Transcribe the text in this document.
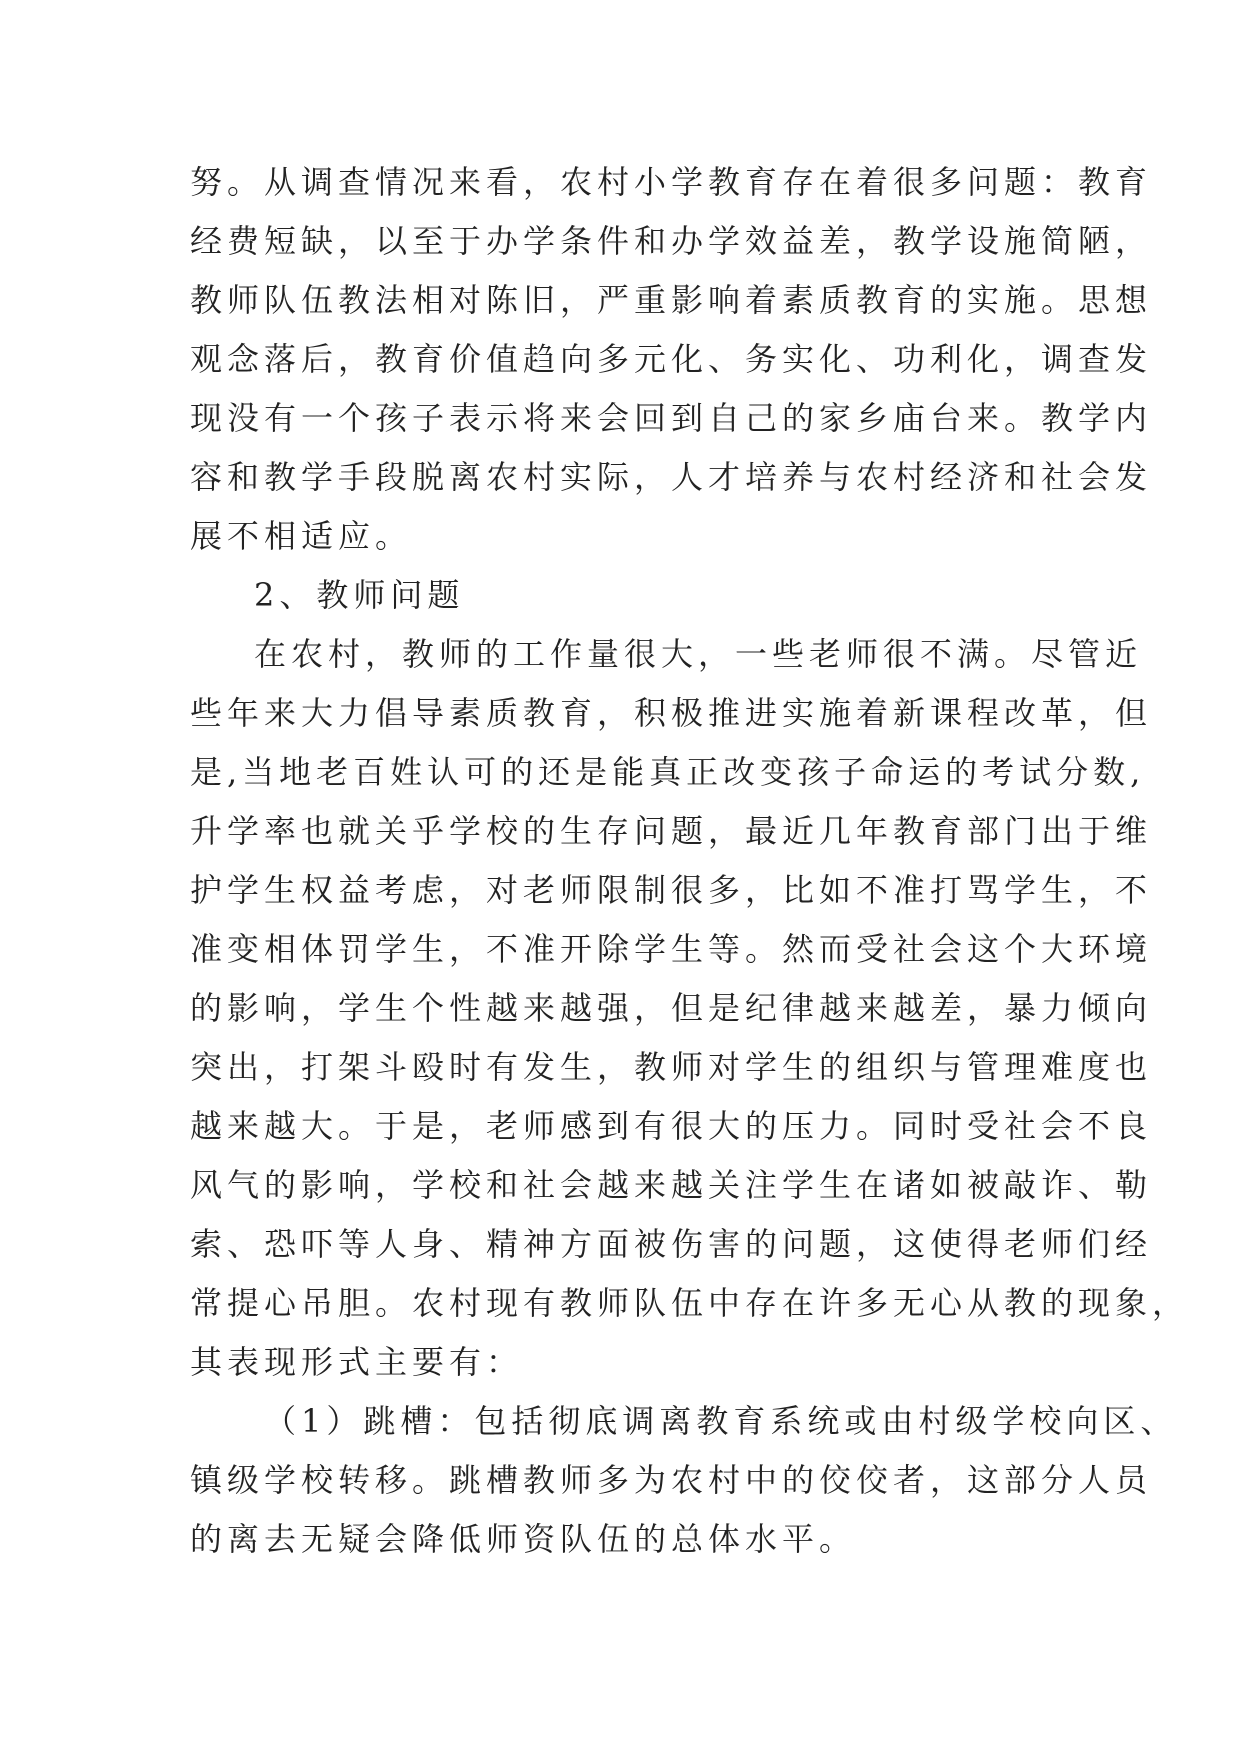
努。从调查情况来看，农村小学教育存在着很多问题：教育
经费短缺，以至于办学条件和办学效益差，教学设施简陋，
教师队伍教法相对陈旧，严重影响着素质教育的实施。思想
观念落后，教育价值趋向多元化、务实化、功利化，调查发
现没有一个孩子表示将来会回到自己的家乡庙台来。教学内
容和教学手段脱离农村实际，人才培养与农村经济和社会发
展不相适应。
2、教师问题
在农村，教师的工作量很大，一些老师很不满。尽管近
些年来大力倡导素质教育，积极推进实施着新课程改革，但
是,当地老百姓认可的还是能真正改变孩子命运的考试分数,
升学率也就关乎学校的生存问题，最近几年教育部门出于维
护学生权益考虑，对老师限制很多，比如不准打骂学生，不
准变相体罚学生，不准开除学生等。然而受社会这个大环境
的影响，学生个性越来越强，但是纪律越来越差，暴力倾向
突出，打架斗殴时有发生，教师对学生的组织与管理难度也
越来越大。于是，老师感到有很大的压力。同时受社会不良
风气的影响，学校和社会越来越关注学生在诸如被敲诈、勒
索、恐吓等人身、精神方面被伤害的问题，这使得老师们经
常提心吊胆。农村现有教师队伍中存在许多无心从教的现象，
其表现形式主要有：
（1）跳槽：包括彻底调离教育系统或由村级学校向区、
镇级学校转移。跳槽教师多为农村中的佼佼者，这部分人员
的离去无疑会降低师资队伍的总体水平。
